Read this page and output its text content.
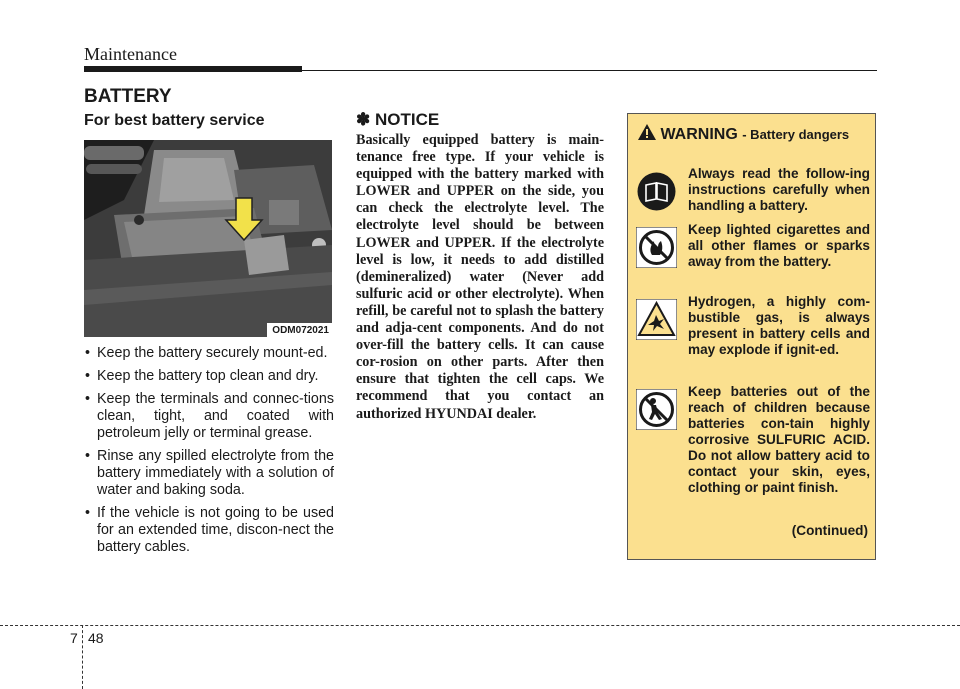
Maintenance
BATTERY
For best battery service
ODM072021
• Keep the battery securely mount-ed.
• Keep the battery top clean and dry.
• Keep the terminals and connec-tions clean, tight, and coated with petroleum jelly or terminal grease.
• Rinse any spilled electrolyte from the battery immediately with a solution of water and baking soda.
• If the vehicle is not going to be used for an extended time, discon-nect the battery cables.
✽ NOTICE

Basically equipped battery is main-tenance free type. If your vehicle is equipped with the battery marked with LOWER and UPPER on the side, you can check the electrolyte level. The electrolyte level should be between LOWER and UPPER. If the electrolyte level is low, it needs to add distilled (demineralized) water (Never add sulfuric acid or other electrolyte). When refill, be careful not to splash the battery and adja-cent components. And do not over-fill the battery cells. It can cause cor-rosion on other parts. After then ensure that tighten the cell caps. We recommend that you contact an authorized HYUNDAI dealer.

WARNING - Battery dangers

Always read the follow-ing instructions carefully when handling a battery.

Keep lighted cigarettes and all other flames or sparks away from the battery.

Hydrogen, a highly com-bustible gas, is always present in battery cells and may explode if ignit-ed.

Keep batteries out of the reach of children because batteries con-tain highly corrosive SULFURIC ACID. Do not allow battery acid to contact your skin, eyes, clothing or paint finish.

(Continued)
7 48
